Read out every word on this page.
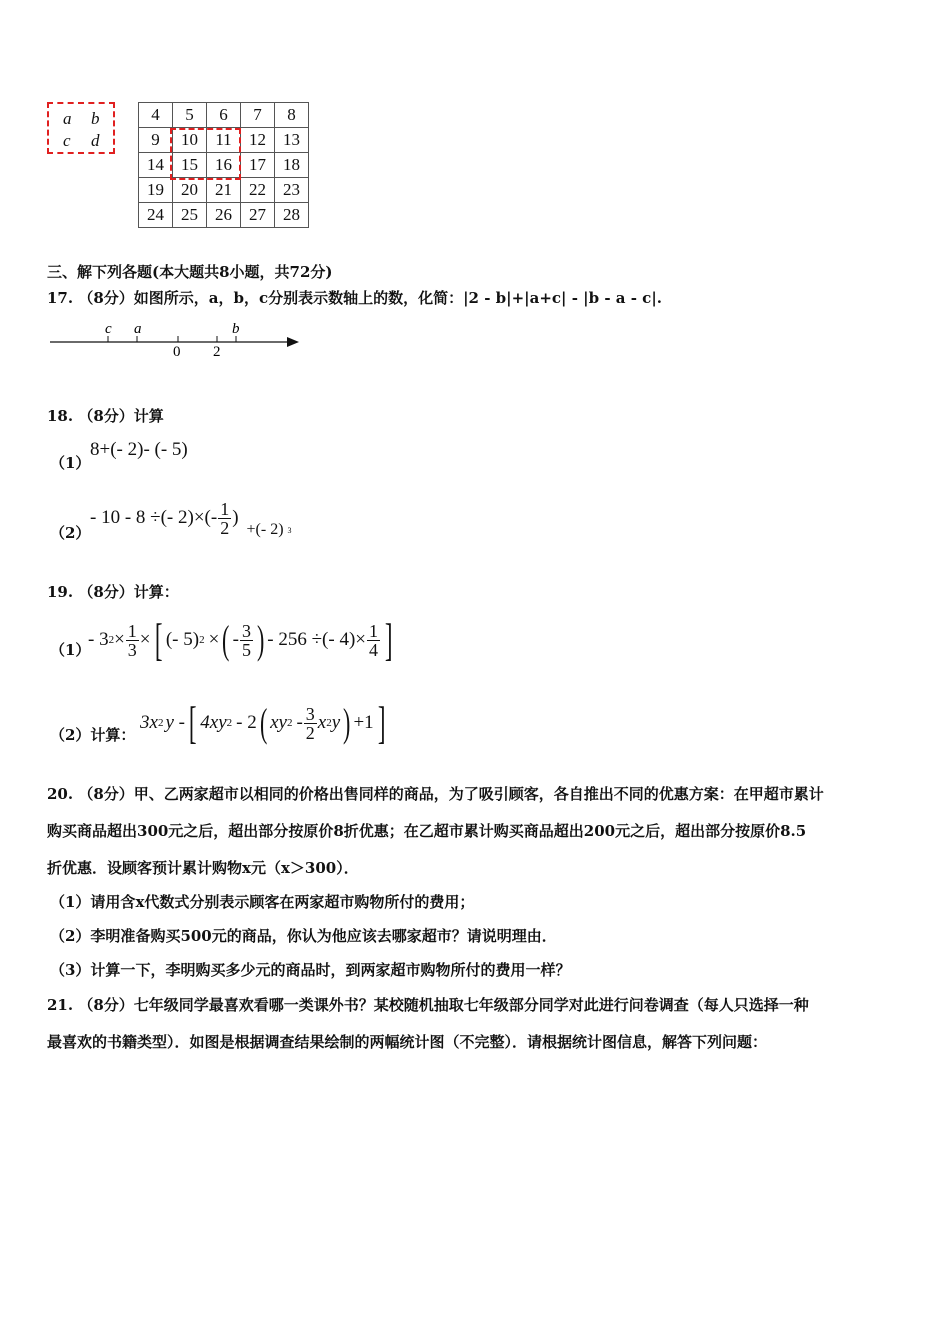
a b
c d
4	5	6	7	8
9	10	11	12	13
14	15	16	17	18
19	20	21	22	23
24	25	26	27	28
三、解下列各题(本大题共8小题，共72分)
17. （8分）如图所示，a，b，c分别表示数轴上的数，化简：|2 - b|+|a+c| - |b - a - c|.
c a	b
0 2
18. （8分）计算
（1）
8+(- 2)- (- 5)
（2）
- 10 - 8 ÷(- $2)\times(- \frac{1}{2}$ )
+(- 2) 3
19. （8分）计算：
（1）
- 3 $2 \times \frac{1}{3}$ × [ (- 5) 2 × ( - $\frac{3}{5}$ ) - 256 ÷(- $4)\times \frac{1}{4}$ ]
（2）计算：
3x 2 y - [ 4xy 2 - 2 ( xy $2 - \frac{3}{2}$ x 2 y ) +1 ]
20. （8分）甲、乙两家超市以相同的价格出售同样的商品，为了吸引顾客，各自推出不同的优惠方案：在甲超市累计
购买商品超出300元之后，超出部分按原价8折优惠；在乙超市累计购买商品超出200元之后，超出部分按原价8.5
折优惠．设顾客预计累计购物x元（x＞300）．
（1）请用含x代数式分别表示顾客在两家超市购物所付的费用；
（2）李明准备购买500元的商品，你认为他应该去哪家超市？请说明理由．
（3）计算一下，李明购买多少元的商品时，到两家超市购物所付的费用一样？
21. （8分）七年级同学最喜欢看哪一类课外书？某校随机抽取七年级部分同学对此进行问卷调查（每人只选择一种
最喜欢的书籍类型）．如图是根据调查结果绘制的两幅统计图（不完整）．请根据统计图信息，解答下列问题：
